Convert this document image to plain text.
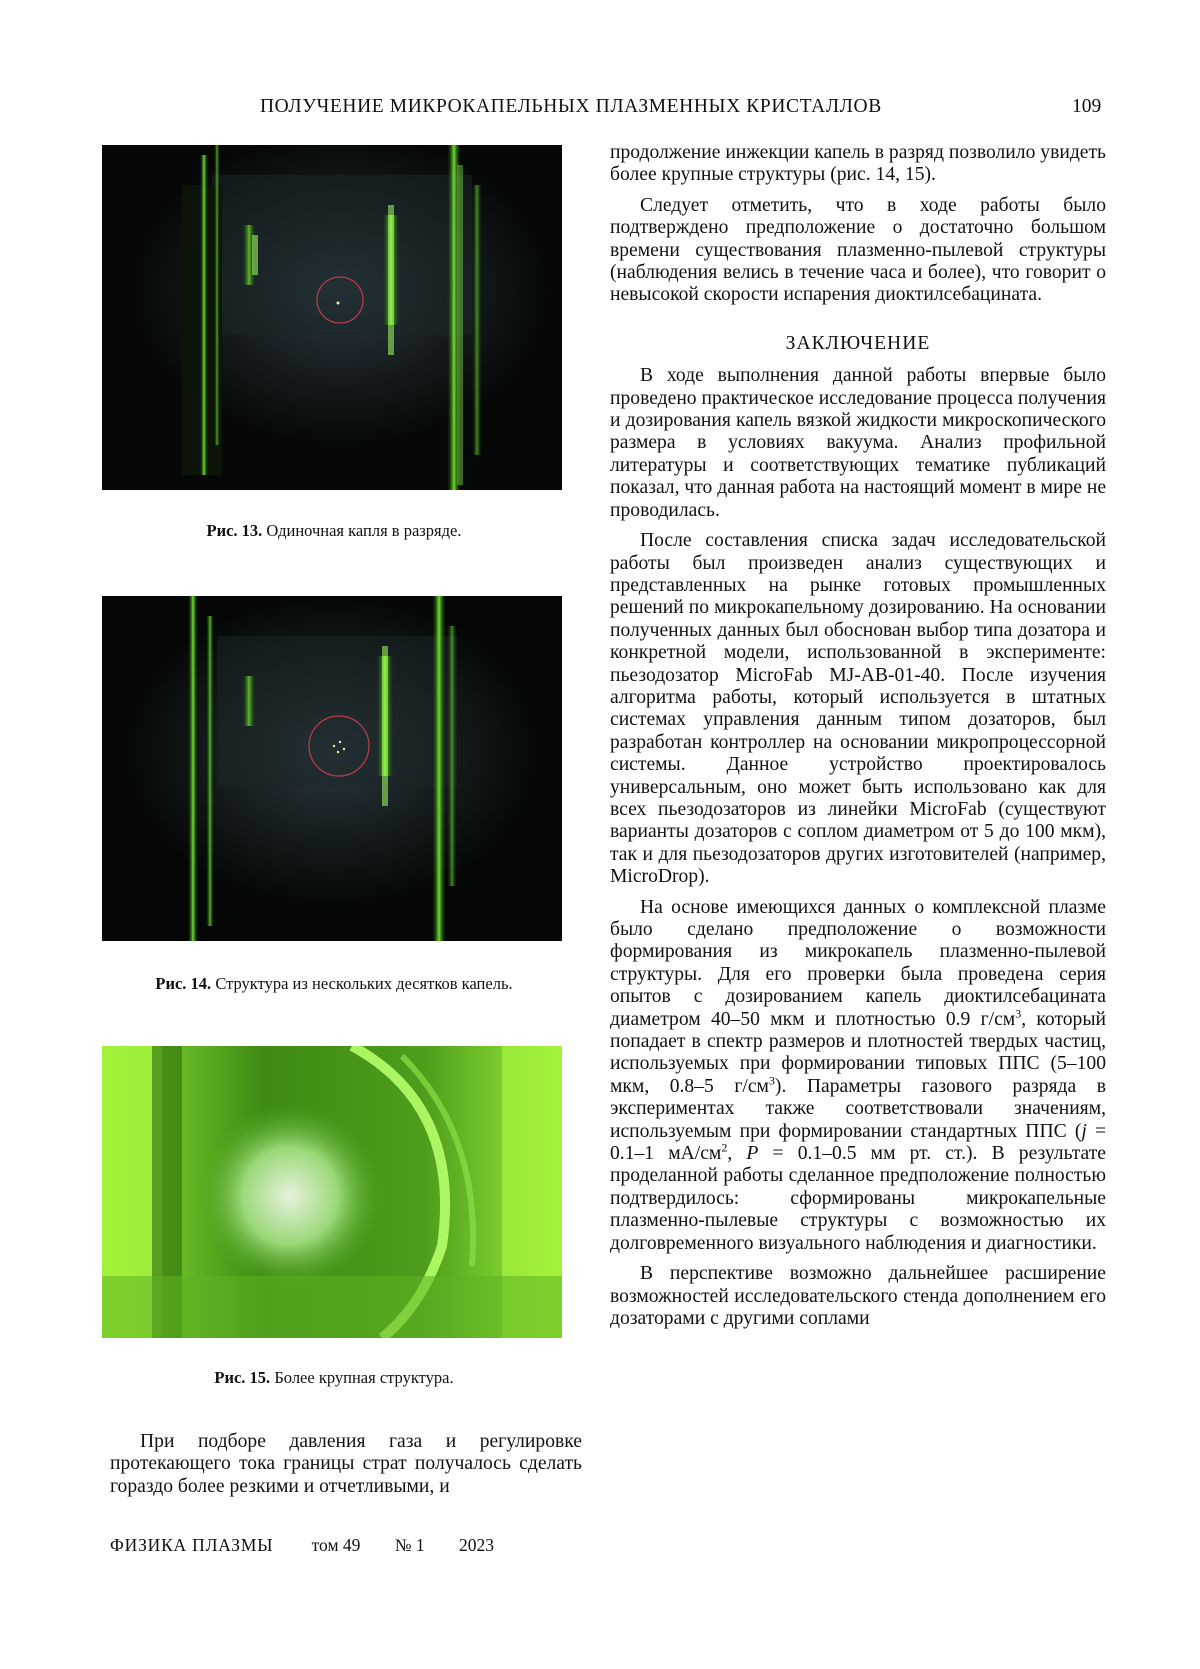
ПОЛУЧЕНИЕ МИКРОКАПЕЛЬНЫХ ПЛАЗМЕННЫХ КРИСТАЛЛОВ	109
Рис. 13. Одиночная капля в разряде.
Рис. 14. Структура из нескольких десятков капель.
Рис. 15. Более крупная структура.

При подборе давления газа и регулировке протекающего тока границы страт получалось сделать гораздо более резкими и отчетливыми, и

продолжение инжекции капель в разряд позволило увидеть более крупные структуры (рис. 14, 15).

Следует отметить, что в ходе работы было подтверждено предположение о достаточно большом времени существования плазменно-пылевой структуры (наблюдения велись в течение часа и более), что говорит о невысокой скорости испарения диоктилсебацината.

ЗАКЛЮЧЕНИЕ

В ходе выполнения данной работы впервые было проведено практическое исследование процесса получения и дозирования капель вязкой жидкости микроскопического размера в условиях вакуума. Анализ профильной литературы и соответствующих тематике публикаций показал, что данная работа на настоящий момент в мире не проводилась.

После составления списка задач исследовательской работы был произведен анализ существующих и представленных на рынке готовых промышленных решений по микрокапельному дозированию. На основании полученных данных был обоснован выбор типа дозатора и конкретной модели, использованной в эксперименте: пьезодозатор MicroFab MJ-AB-01-40. После изучения алгоритма работы, который используется в штатных системах управления данным типом дозаторов, был разработан контроллер на основании микропроцессорной системы. Данное устройство проектировалось универсальным, оно может быть использовано как для всех пьезодозаторов из линейки MicroFab (существуют варианты дозаторов с соплом диаметром от 5 до 100 мкм), так и для пьезодозаторов других изготовителей (например, MicroDrop).

На основе имеющихся данных о комплексной плазме было сделано предположение о возможности формирования из микрокапель плазменно-пылевой структуры. Для его проверки была проведена серия опытов с дозированием капель диоктилсебацината диаметром 40–50 мкм и плотностью 0.9 $г/см^3$, который попадает в спектр размеров и плотностей твердых частиц, используемых при формировании типовых ППС (5–100 мкм, 0.8–5 $г/см^3$). Параметры газового разряда в экспериментах также соответствовали значениям, используемым при формировании стандартных ППС (j = 0.1–1 $мА/см^2$, P = 0.1–0.5 мм рт. ст.). В результате проделанной работы сделанное предположение полностью подтвердилось: сформированы микрокапельные плазменно-пылевые структуры с возможностью их долговременного визуального наблюдения и диагностики.

В перспективе возможно дальнейшее расширение возможностей исследовательского стенда дополнением его дозаторами с другими соплами

ФИЗИКА ПЛАЗМЫ том 49 № 1 2023
